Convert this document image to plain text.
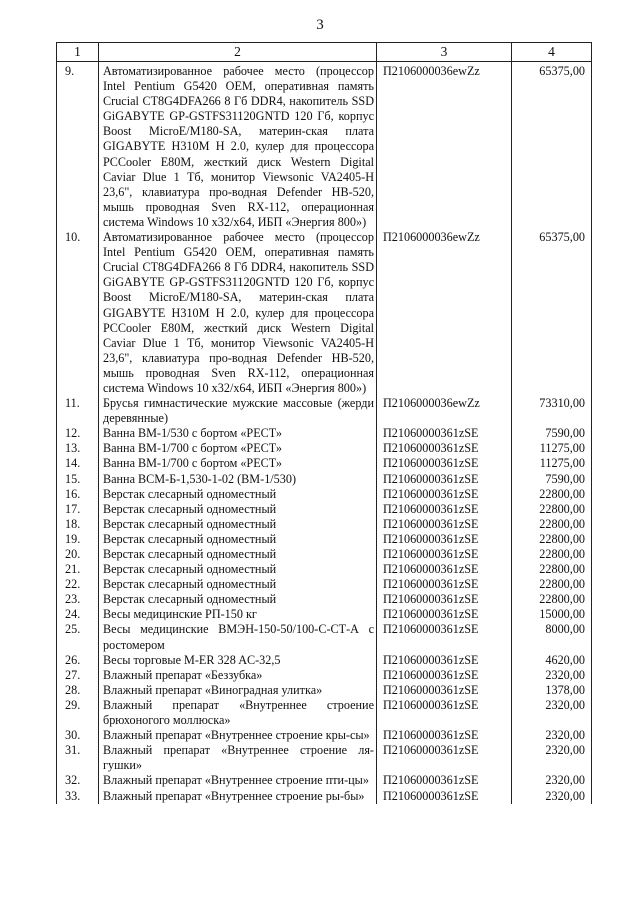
3
1	2	3	4
9.	Автоматизированное рабочее место (процессор Intel Pentium G5420 OEM, оперативная память Crucial CT8G4DFA266 8 Гб DDR4, накопитель SSD GiGABYTE GP-GSTFS31120GNTD 120 Гб, корпус Boost MicroE/M180-SA, материн-ская плата GIGABYTE H310M H 2.0, кулер для процессора PCCooler E80M, жесткий диск Western Digital Caviar Dlue 1 Тб, монитор Viewsonic VA2405-H 23,6", клавиатура про-водная Defender HB-520, мышь проводная Sven RX-112, операционная система Windows 10 x32/x64, ИБП «Энергия 800»)	П2106000036ewZz	65375,00
10.	Автоматизированное рабочее место (процессор Intel Pentium G5420 OEM, оперативная память Crucial CT8G4DFA266 8 Гб DDR4, накопитель SSD GiGABYTE GP-GSTFS31120GNTD 120 Гб, корпус Boost MicroE/M180-SA, материн-ская плата GIGABYTE H310M H 2.0, кулер для процессора PCCooler E80M, жесткий диск Western Digital Caviar Dlue 1 Тб, монитор Viewsonic VA2405-H 23,6", клавиатура про-водная Defender HB-520, мышь проводная Sven RX-112, операционная система Windows 10 x32/x64, ИБП «Энергия 800»)	П2106000036ewZz	65375,00
11.	Брусья гимнастические мужские массовые (жерди деревянные)	П2106000036ewZz	73310,00
12.	Ванна ВМ-1/530 с бортом «РЕСТ»	П21060000361zSE	7590,00
13.	Ванна ВМ-1/700 с бортом «РЕСТ»	П21060000361zSE	11275,00
14.	Ванна ВМ-1/700 с бортом «РЕСТ»	П21060000361zSE	11275,00
15.	Ванна ВСМ-Б-1,530-1-02 (ВМ-1/530)	П21060000361zSE	7590,00
16.	Верстак слесарный одноместный	П21060000361zSE	22800,00
17.	Верстак слесарный одноместный	П21060000361zSE	22800,00
18.	Верстак слесарный одноместный	П21060000361zSE	22800,00
19.	Верстак слесарный одноместный	П21060000361zSE	22800,00
20.	Верстак слесарный одноместный	П21060000361zSE	22800,00
21.	Верстак слесарный одноместный	П21060000361zSE	22800,00
22.	Верстак слесарный одноместный	П21060000361zSE	22800,00
23.	Верстак слесарный одноместный	П21060000361zSE	22800,00
24.	Весы медицинские РП-150 кг	П21060000361zSE	15000,00
25.	Весы медицинские ВМЭН-150-50/100-С-СТ-А с ростомером	П21060000361zSE	8000,00
26.	Весы торговые M-ER 328 AC-32,5	П21060000361zSE	4620,00
27.	Влажный препарат «Беззубка»	П21060000361zSE	2320,00
28.	Влажный препарат «Виноградная улитка»	П21060000361zSE	1378,00
29.	Влажный препарат «Внутреннее строение брюхоногого моллюска»	П21060000361zSE	2320,00
30.	Влажный препарат «Внутреннее строение кры-сы»	П21060000361zSE	2320,00
31.	Влажный препарат «Внутреннее строение ля-гушки»	П21060000361zSE	2320,00
32.	Влажный препарат «Внутреннее строение пти-цы»	П21060000361zSE	2320,00
33.	Влажный препарат «Внутреннее строение ры-бы»	П21060000361zSE	2320,00
